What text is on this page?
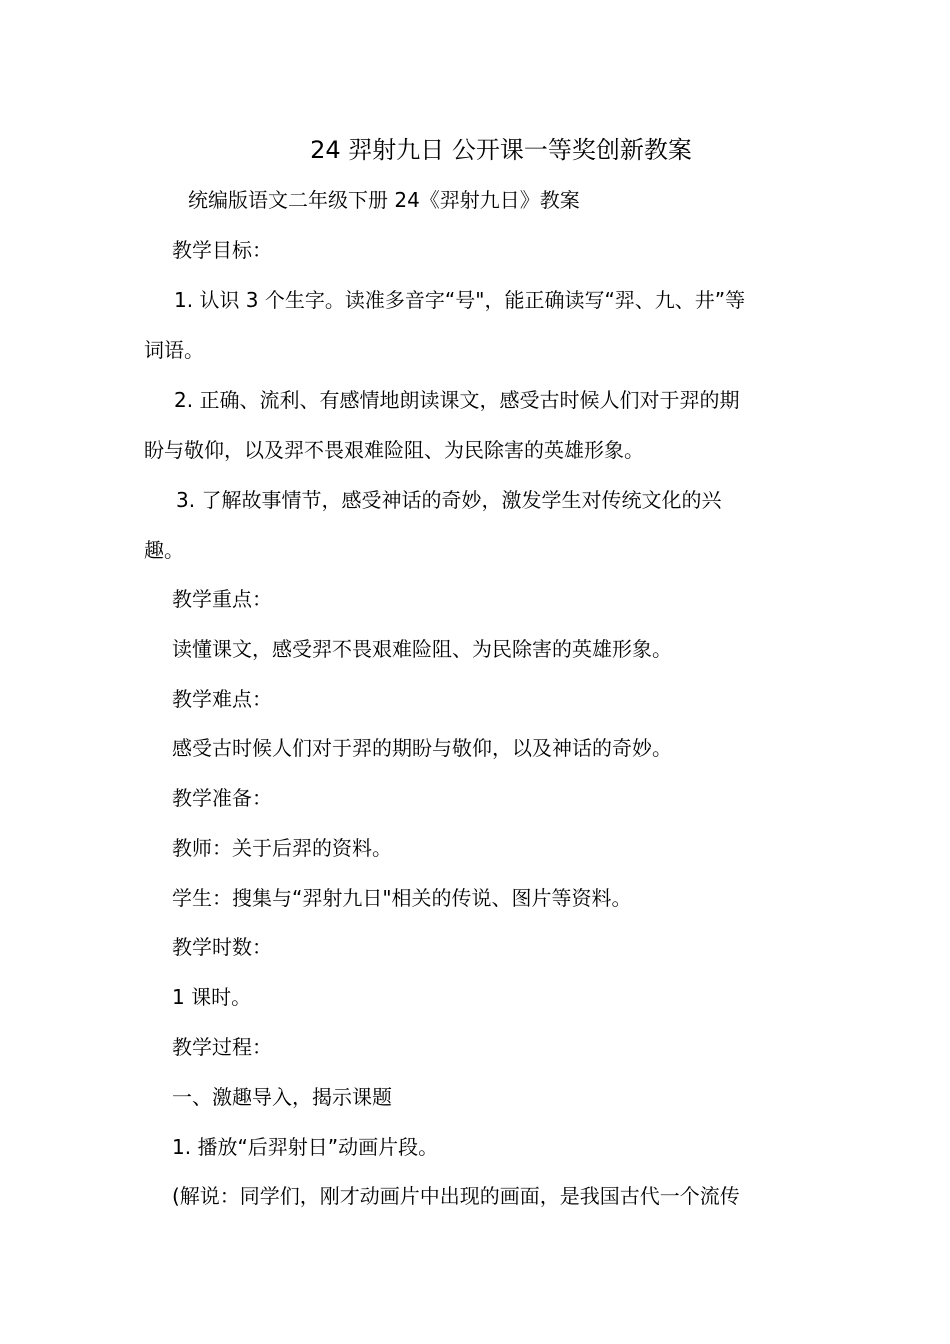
24 羿射九日 公开课一等奖创新教案
统编版语文二年级下册 24《羿射九日》教案
教学目标：
1. 认识 3 个生字。读准多音字“号"，能正确读写“羿、九、井”等
词语。
2. 正确、流利、有感情地朗读课文，感受古时候人们对于羿的期
盼与敬仰，以及羿不畏艰难险阻、为民除害的英雄形象。
3. 了解故事情节，感受神话的奇妙，激发学生对传统文化的兴
趣。
教学重点：
读懂课文，感受羿不畏艰难险阻、为民除害的英雄形象。
教学难点：
感受古时候人们对于羿的期盼与敬仰，以及神话的奇妙。
教学准备：
教师：关于后羿的资料。
学生：搜集与“羿射九日"相关的传说、图片等资料。
教学时数：
1 课时。
教学过程：
一、激趣导入，揭示课题
1. 播放“后羿射日”动画片段。
(解说：同学们，刚才动画片中出现的画面，是我国古代一个流传
